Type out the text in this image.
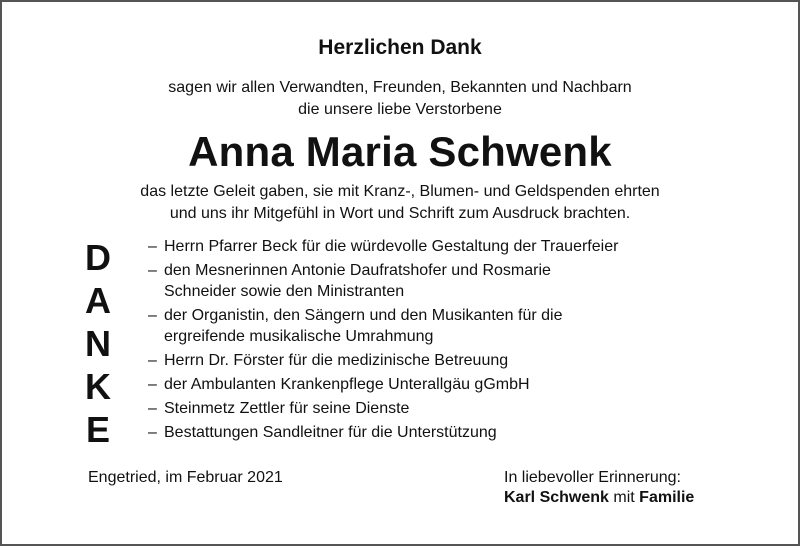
Herzlichen Dank
sagen wir allen Verwandten, Freunden, Bekannten und Nachbarn
die unsere liebe Verstorbene
Anna Maria Schwenk
das letzte Geleit gaben, sie mit Kranz-, Blumen- und Geldspenden ehrten
und uns ihr Mitgefühl in Wort und Schrift zum Ausdruck brachten.
D
A
N
K
E
– Herrn Pfarrer Beck für die würdevolle Gestaltung der Trauerfeier
– den Mesnerinnen Antonie Daufratshofer und Rosmarie
Schneider sowie den Ministranten
– der Organistin, den Sängern und den Musikanten für die
ergreifende musikalische Umrahmung
– Herrn Dr. Förster für die medizinische Betreuung
– der Ambulanten Krankenpflege Unterallgäu gGmbH
– Steinmetz Zettler für seine Dienste
– Bestattungen Sandleitner für die Unterstützung
Engetried, im Februar 2021	In liebevoller Erinnerung:
Karl Schwenk mit Familie
